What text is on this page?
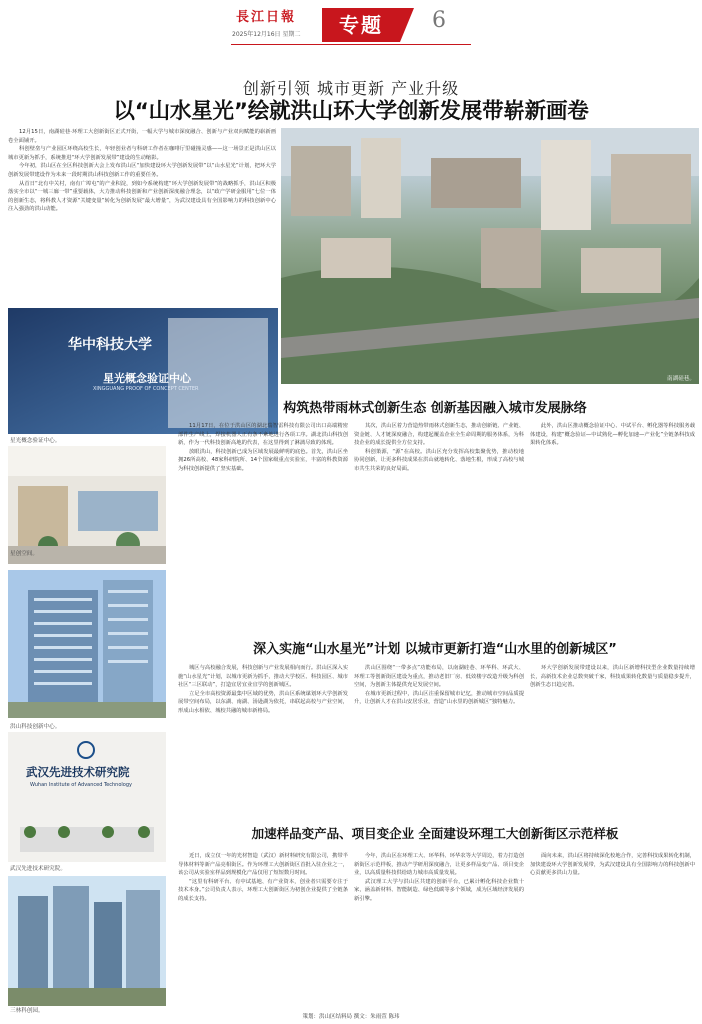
長江日報
2025年12月16日 星期二	专题	6
创新引领 城市更新 产业升级
以“山水星光”绘就洪山环大学创新发展带崭新画卷

12月15日，南湖硅巷·环理工大创新街区正式开街，一幅大学与城市深度融合、创新与产业双向赋能的崭新画卷全面铺开。

科创壁垒与产业园区环绕高校生长，年轻创业者与科研工作者在咖啡厅里碰撞灵感——这一场景正是洪山区以城市更新为抓手，系统推进“环大学创新发展带”建设的生动缩影。

今年初，洪山区在全区科技创新大会上发布洪山区“加快建设环大学创新发展带”以“山水星光”计划，把环大学创新发展带建设作为未来一段时期洪山科技创新工作的重要任务。

从首日“北有中关村，南有广埠屯”的产业积淀，到如今系统构建“环大学创新发展带”的战略抓手，洪山区积极落实全市以“一城三廊一带”重要载体，大力推动科技创新和产业创新深度融合理念，以“政产学研金服用”七位一体的创新生态，将科教人才资源“关键变量”转化为创新发展“最大增量”，为武汉建设具有全国影响力的科技创新中心注入强劲的洪山动能。

南湖硅巷。
华中科技大学
星光概念验证中心
XINGGUANG PROOF OF CONCEPT CENTER
星光概念验证中心。
星创空间。
洪山科技创新中心。
武汉先进技术研究院
Wuhan Institute of Advanced Technology
武汉先进技术研究院。
三林科创园。
构筑热带雨林式创新生态 创新基因融入城市发展脉络

11月17日，在位于洪山区的湖北瑞智雷科技有限公司出口高端精密部件生产线上，焊接机器人正有条不紊地进行各项工序。湖北洪山科技创新，作为一代科技创新高地的代表，在这里得到了淋漓尽致的体现。

放眼洪山，科技创新已成为区域发展最鲜明的底色。首先，洪山区坐拥26所高校、48家科研院所、14个国家级重点实验室，丰富的科教资源为科技创新提供了坚实基础。

其次，洪山区着力营造热带雨林式创新生态，推动创新链、产业链、资金链、人才链深度融合，构建起覆盖企业全生命周期的服务体系，为科技企业的成长提供全方位支持。

科创策源，“源”在高校。洪山区充分发挥高校集聚优势，推动校地协同创新，让更多科技成果在洪山就地转化、落地生根，形成了高校与城市共生共荣的良好局面。

此外，洪山区推动概念验证中心、中试平台、孵化器等科技服务载体建设，构建“概念验证—中试熟化—孵化加速—产业化”全链条科技成果转化体系。

深入实施“山水星光”计划 以城市更新打造“山水里的创新城区”

城区与高校融合发展，科技创新与产业发展相向而行。洪山区深入实施“山水星光”计划，以城市更新为抓手，推动大学校区、科技园区、城市社区“三区联动”，打造宜居宜业宜学的创新城区。

立足全市高校资源最集中区域的优势，洪山区系统谋划环大学创新发展带空间布局，以东湖、南湖、汤逊湖为依托，串联起高校与产业空间，形成山水相依、城校共融的城市新格局。

洪山区围绕“一带多点”功能布局，以南湖硅巷、环华科、环武大、环理工等创新街区建设为重点，推动老旧厂房、低效楼宇改造升级为科创空间，为创新主体提供充足发展空间。

在城市更新过程中，洪山区注重保留城市记忆，推动城市空间品质提升，让创新人才在洪山安居乐业，营造“山水里的创新城区”独特魅力。

环大学创新发展带建设以来，洪山区新增科技型企业数量持续增长，高新技术企业总数突破千家，科技成果转化数量与质量稳步提升，创新生态日趋完善。

加速样品变产品、项目变企业 全面建设环理工大创新街区示范样板

近日，成立仅一年的光材智造（武汉）新材料研究有限公司，携带半导体材料等新产品亮相街区。作为环理工大创新街区首批入驻企业之一，该公司从实验室样品到规模化产品仅用了短短数月时间。

“这里有科研平台、有中试基地、有产业资本，创业者只需要专注于技术本身。”公司负责人表示，环理工大创新街区为初创企业提供了全链条的成长支持。

今年，洪山区在环理工大、环华科、环华农等大学周边，着力打造创新街区示范样板，推动产学研用深度融合，让更多样品变产品、项目变企业，以高质量科技供给助力城市高质量发展。

武汉理工大学与洪山区共建的创新平台，已累计孵化科技企业数十家，涵盖新材料、智能制造、绿色低碳等多个领域，成为区域经济发展的新引擎。

面向未来，洪山区将持续深化校地合作，完善科技成果转化机制，加快建设环大学创新发展带，为武汉建设具有全国影响力的科技创新中心贡献更多洪山力量。

策划：洪山区结料局 撰文：朱雨萱 陈玮
